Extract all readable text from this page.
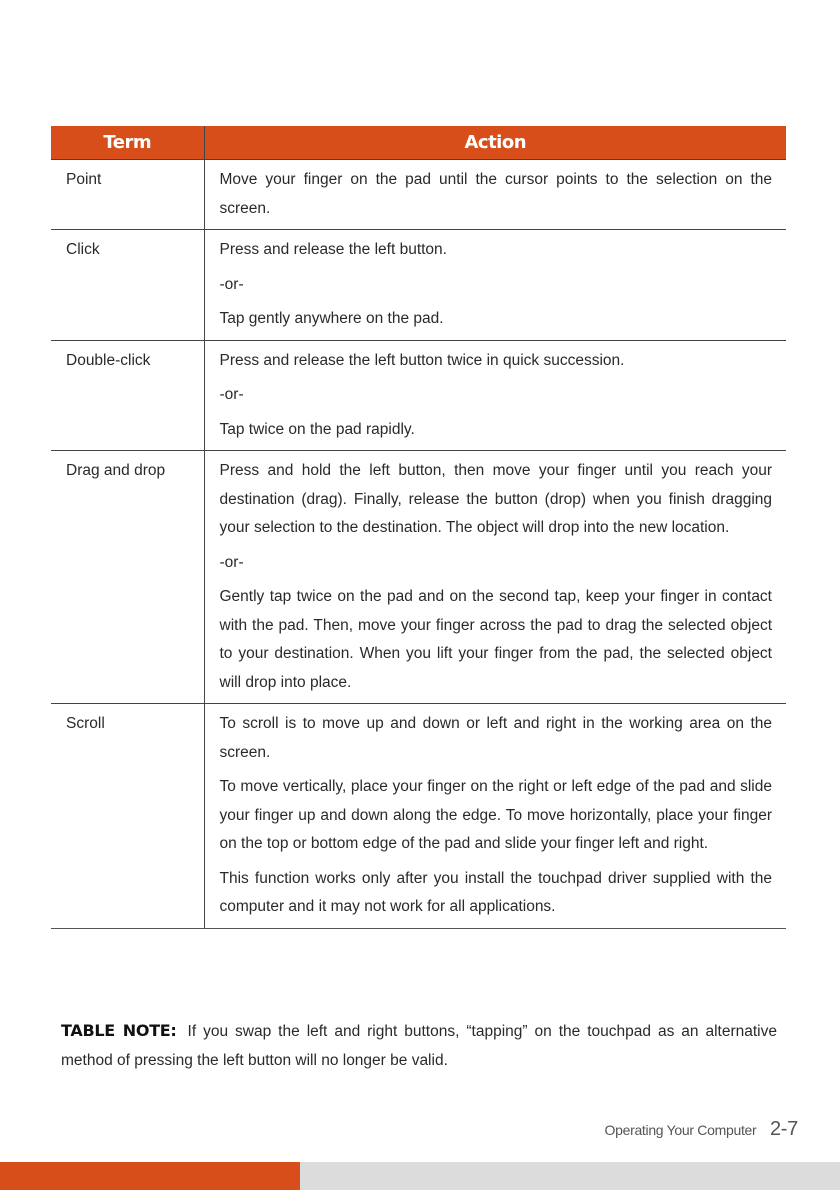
Term	Action
Point	Move your finger on the pad until the cursor points to the selection on the screen.

Click	Press and release the left button.

-or-

Tap gently anywhere on the pad.

Double-click	Press and release the left button twice in quick succession.

-or-

Tap twice on the pad rapidly.

Drag and drop	Press and hold the left button, then move your finger until you reach your destination (drag). Finally, release the button (drop) when you finish dragging your selection to the destination. The object will drop into the new location.

-or-

Gently tap twice on the pad and on the second tap, keep your finger in contact with the pad. Then, move your finger across the pad to drag the selected object to your destination. When you lift your finger from the pad, the selected object will drop into place.

Scroll	To scroll is to move up and down or left and right in the working area on the screen.

To move vertically, place your finger on the right or left edge of the pad and slide your finger up and down along the edge. To move horizontally, place your finger on the top or bottom edge of the pad and slide your finger left and right.

This function works only after you install the touchpad driver supplied with the computer and it may not work for all applications.

TABLE NOTE: If you swap the left and right buttons, “tapping” on the touchpad as an alternative method of pressing the left button will no longer be valid.
Operating Your Computer 2-7
